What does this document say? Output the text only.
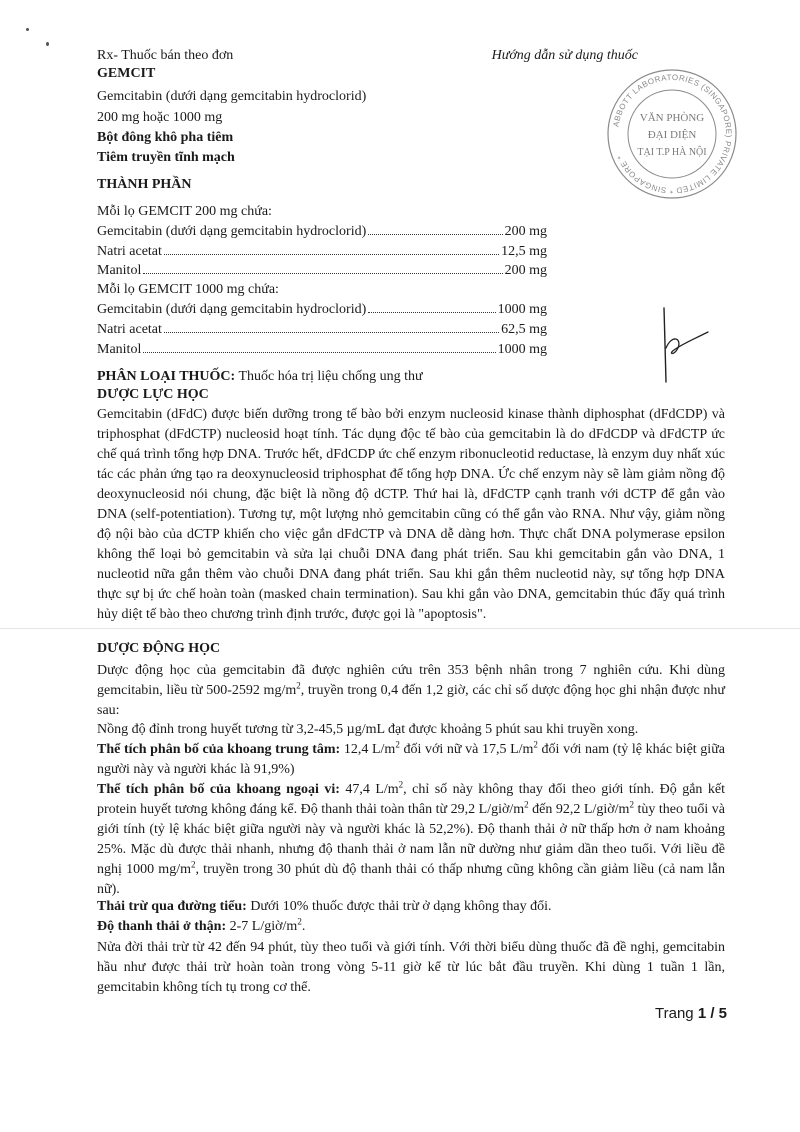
Rx- Thuốc bán theo đơn	Hướng dẫn sử dụng thuốc
GEMCIT
Gemcitabin (dưới dạng gemcitabin hydroclorid)
200 mg hoặc 1000 mg
Bột đông khô pha tiêm
Tiêm truyền tĩnh mạch
THÀNH PHẦN
Mỗi lọ GEMCIT 200 mg chứa:
Gemcitabin (dưới dạng gemcitabin hydroclorid)	200 mg
Natri acetat	12,5 mg
Manitol	200 mg
Mỗi lọ GEMCIT 1000 mg chứa:
Gemcitabin (dưới dạng gemcitabin hydroclorid)	1000 mg
Natri acetat	62,5 mg
Manitol	1000 mg
PHÂN LOẠI THUỐC: Thuốc hóa trị liệu chống ung thư
DƯỢC LỰC HỌC
Gemcitabin (dFdC) được biến dưỡng trong tế bào bởi enzym nucleosid kinase thành diphosphat (dFdCDP) và triphosphat (dFdCTP) nucleosid hoạt tính. Tác dụng độc tế bào của gemcitabin là do dFdCDP và dFdCTP ức chế quá trình tổng hợp DNA. Trước hết, dFdCDP ức chế enzym ribonucleotid reductase, là enzym duy nhất xúc tác các phản ứng tạo ra deoxynucleosid triphosphat để tổng hợp DNA. Ức chế enzym này sẽ làm giảm nồng độ deoxynucleosid nói chung, đặc biệt là nồng độ dCTP. Thứ hai là, dFdCTP cạnh tranh với dCTP để gắn vào DNA (self-potentiation). Tương tự, một lượng nhỏ gemcitabin cũng có thể gắn vào RNA. Như vậy, giảm nồng độ nội bào của dCTP khiến cho việc gắn dFdCTP và DNA dễ dàng hơn. Thực chất DNA polymerase epsilon không thể loại bỏ gemcitabin và sửa lại chuỗi DNA đang phát triển. Sau khi gemcitabin gắn vào DNA, 1 nucleotid nữa gắn thêm vào chuỗi DNA đang phát triển. Sau khi gắn thêm nucleotid này, sự tổng hợp DNA thực sự bị ức chế hoàn toàn (masked chain termination). Sau khi gắn vào DNA, gemcitabin thúc đẩy quá trình hủy diệt tế bào theo chương trình định trước, được gọi là "apoptosis".
DƯỢC ĐỘNG HỌC
Dược động học của gemcitabin đã được nghiên cứu trên 353 bệnh nhân trong 7 nghiên cứu. Khi dùng gemcitabin, liều từ 500-2592 $mg/m^2$, truyền trong 0,4 đến 1,2 giờ, các chỉ số dược động học ghi nhận được như sau:
Nồng độ đỉnh trong huyết tương từ 3,2-45,5 µg/mL đạt được khoảng 5 phút sau khi truyền xong.
Thể tích phân bố của khoang trung tâm: 12,4 $L/m^2$ đối với nữ và 17,5 $L/m^2$ đối với nam (tỷ lệ khác biệt giữa người này và người khác là 91,9%)
Thể tích phân bố của khoang ngoại vi: 47,4 $L/m^2$, chỉ số này không thay đổi theo giới tính. Độ gắn kết protein huyết tương không đáng kể. Độ thanh thải toàn thân từ 29,2 $L/giờ/m^2$ đến 92,2 $L/giờ/m^2$ tùy theo tuổi và giới tính (tỷ lệ khác biệt giữa người này và người khác là 52,2%). Độ thanh thải ở nữ thấp hơn ở nam khoảng 25%. Mặc dù được thải nhanh, nhưng độ thanh thải ở nam lẫn nữ dường như giảm dần theo tuổi. Với liều đề nghị 1000 $mg/m^2$, truyền trong 30 phút dù độ thanh thải có thấp nhưng cũng không cần giảm liều (cả nam lẫn nữ).
Thải trừ qua đường tiểu: Dưới 10% thuốc được thải trừ ở dạng không thay đổi.
Độ thanh thải ở thận: 2-7 $L/giờ/m^2$.
Nửa đời thải trừ từ 42 đến 94 phút, tùy theo tuổi và giới tính. Với thời biểu dùng thuốc đã đề nghị, gemcitabin hầu như được thải trừ hoàn toàn trong vòng 5-11 giờ kể từ lúc bắt đầu truyền. Khi dùng 1 tuần 1 lần, gemcitabin không tích tụ trong cơ thể.
ABBOTT LABORATORIES (SINGAPORE) PRIVATE LIMITED * SINGAPORE *
VĂN PHÒNG
ĐẠI DIỆN
TẠI T.P HÀ NỘI
Trang 1 / 5
